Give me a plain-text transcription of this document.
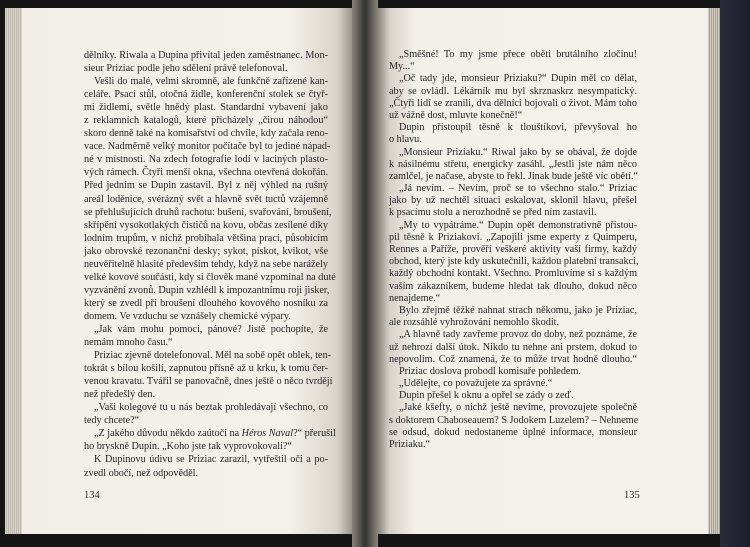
dělníky. Riwala a Dupina přivítal jeden zaměstnanec. Mon-
sieur Priziac podle jeho sdělení právě telefonoval.
Vešli do malé, velmi skromně, ale funkčně zařízené kan-
celáře. Psací stůl, otočná židle, konferenční stolek se čtyř-
mi židlemi, světle hnědý plast. Standardní vybavení jako
z reklamních katalogů, které přicházely „čirou náhodou“
skoro denně také na komisařství od chvíle, kdy začala reno-
vace. Nadměrně velký monitor počítače byl to jediné nápad-
né v místnosti. Na zdech fotografie lodí v laciných plasto-
vých rámech. Čtyři menší okna, všechna otevřená dokořán.
Před jedním se Dupin zastavil. Byl z něj výhled na rušný
areál loděnice, svérázný svět a hlavně svět tuctů vzájemně
se přehlušujících druhů rachotu: bušení, svařování, broušení,
skřípění vysokotlakých čističů na kovu, občas zesílené díky
lodním trupům, v nichž probíhala většina prací, působícím
jako obrovské rezonanční desky; sykot, pískot, kvikot, vše
neuvěřitelně hlasité především tehdy, když na sebe narážely
velké kovové součásti, kdy si člověk mané vzpomínal na duté
vyzvánění zvonů. Dupin vzhlédl k impozantnímu roji jisker,
který se zvedl při broušení dlouhého kovového nosníku za
domem. Ve vzduchu se vznášely chemické výpary.
„Jak vám mohu pomoci, pánové? Jistě pochopíte, že
nemám mnoho času.“
Priziac zjevně dotelefonoval. Měl na sobě opět oblek, ten-
tokrát s bílou košilí, zapnutou přísně až u krku, k tomu čer-
venou kravatu. Tvářil se panovačně, dnes ještě o něco tvrdějí
než předešlý den.
„Vaši kolegové tu u nás beztak prohledávají všechno, co
tedy chcete?“
„Z jakého důvodu někdo zaútočí na Héros Naval?“ přerušil
ho bryskně Dupin. „Koho jste tak vyprovokovali?“
K Dupinovu údivu se Priziac zarazil, vytřeštil oči a po-
zvedl obočí, než odpověděl.
„Směšné! To my jsme přece oběti brutálního zločinu!
My...“
„Oč tady jde, monsieur Priziaku?“ Dupin měl co dělat,
aby se ovládl. Lékárník mu byl skrznaskrz nesympatický.
„Čtyři lidí se zranili, dva dělníci bojovali o život. Mám toho
už vážně dost, mluvte konečně!“
Dupin přistoupil těsně k tlouštíkovi, převyšoval ho
o hlavu.
„Monsieur Priziaku.“ Riwal jako by se obával, že dojde
k násilnému střetu, energicky zasáhl. „Jestli jste nám něco
zamlčel, je načase, abyste to řekl. Jinak bude ještě víc obětí.“
„Já nevím. – Nevím, proč se to všechno stalo.“ Priziac
jako by už nechtěl situaci eskalovat, sklonil hlavu, přešel
k psacímu stolu a nerozhodně se před ním zastavil.
„My to vypátráme.“ Dupin opět demonstrativně přistou-
pil těsně k Priziakovi. „Zapojili jsme experty z Quimperu,
Rennes a Paříže, prověří veškeré aktivity vaší firmy, každý
obchod, který jste kdy uskutečnili, každou platební transakci,
každý obchodní kontakt. Všechno. Promluvíme si s každým
vaším zákazníkem, budeme hledat tak dlouho, dokud něco
nenajdeme.“
Bylo zřejmě těžké nahnat strach někomu, jako je Priziac,
ale rozsáhlé vyhrožování nemohlo škodit.
„A hlavně tady zavřeme provoz do doby, než poznáme, že
už nehrozí další útok. Nikdo tu nehne ani prstem, dokud to
nepovolím. Což znamená, že to může trvat hodně dlouho.“
Priziac doslova probodl komisaře pohledem.
„Udělejte, co považujete za správné.“
Dupin přešel k oknu a opřel se zády o zeď.
„Jaké kšefty, o nichž ještě nevíme, provozujete společně
s doktorem Chaboseauem? S Jodokem Luzelem? – Nehneme
se odsud, dokud nedostaneme úplné informace, monsieur
Priziaku.“
134	135
